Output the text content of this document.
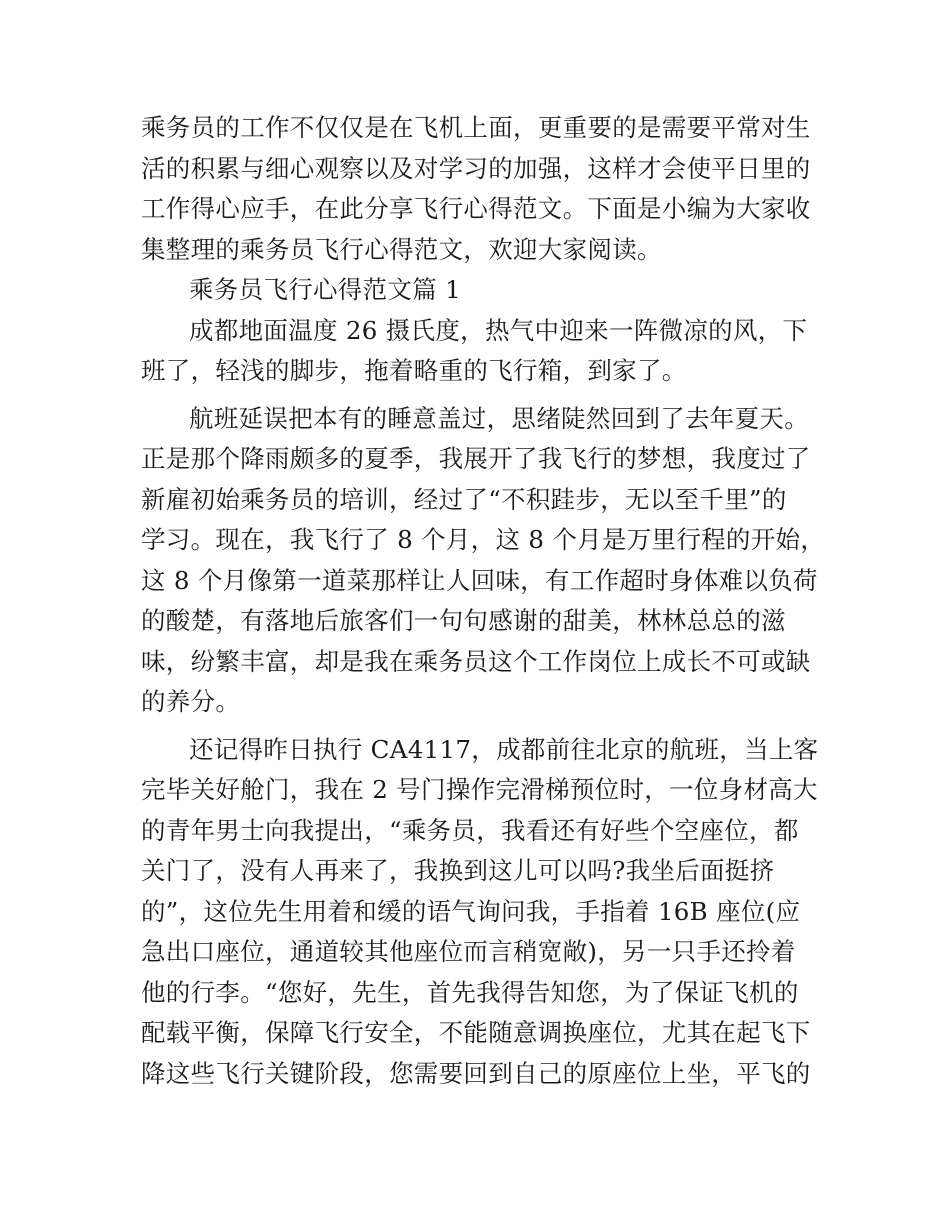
乘务员的工作不仅仅是在飞机上面，更重要的是需要平常对生
活的积累与细心观察以及对学习的加强，这样才会使平日里的
工作得心应手，在此分享飞行心得范文。下面是小编为大家收
集整理的乘务员飞行心得范文，欢迎大家阅读。
乘务员飞行心得范文篇 1
成都地面温度 26 摄氏度，热气中迎来一阵微凉的风，下
班了，轻浅的脚步，拖着略重的飞行箱，到家了。
航班延误把本有的睡意盖过，思绪陡然回到了去年夏天。
正是那个降雨颇多的夏季，我展开了我飞行的梦想，我度过了
新雇初始乘务员的培训，经过了“不积跬步，无以至千里”的
学习。现在，我飞行了 8 个月，这 8 个月是万里行程的开始，
这 8 个月像第一道菜那样让人回味，有工作超时身体难以负荷
的酸楚，有落地后旅客们一句句感谢的甜美，林林总总的滋
味，纷繁丰富，却是我在乘务员这个工作岗位上成长不可或缺
的养分。
还记得昨日执行 CA4117，成都前往北京的航班，当上客
完毕关好舱门，我在 2 号门操作完滑梯预位时，一位身材高大
的青年男士向我提出，“乘务员，我看还有好些个空座位，都
关门了，没有人再来了，我换到这儿可以吗?我坐后面挺挤
的”，这位先生用着和缓的语气询问我，手指着 16B 座位(应
急出口座位，通道较其他座位而言稍宽敞)，另一只手还拎着
他的行李。“您好，先生，首先我得告知您，为了保证飞机的
配载平衡，保障飞行安全，不能随意调换座位，尤其在起飞下
降这些飞行关键阶段，您需要回到自己的原座位上坐，平飞的
